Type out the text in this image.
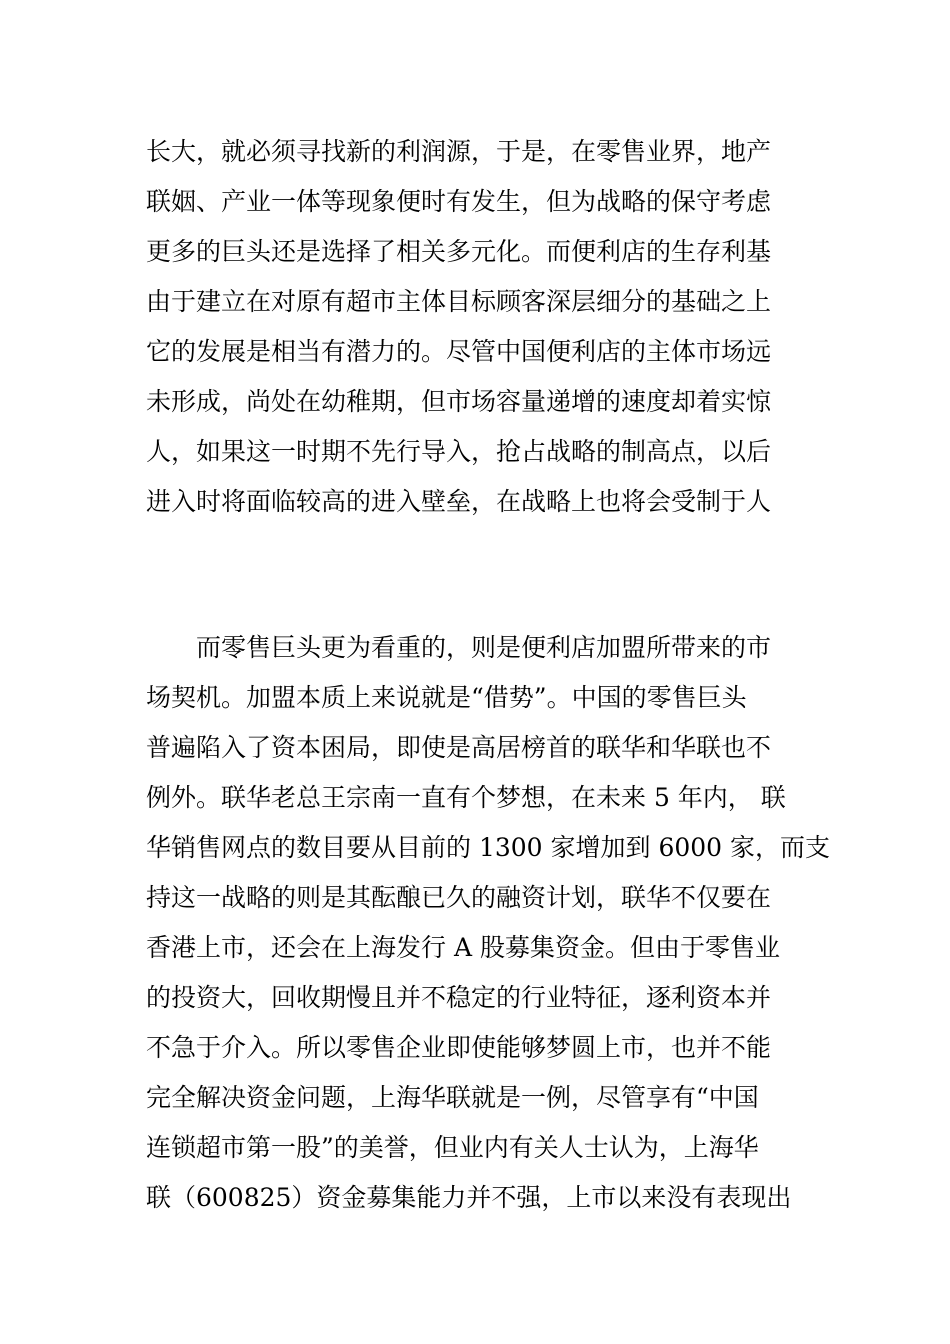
长大，就必须寻找新的利润源，于是，在零售业界，地产
联姻、产业一体等现象便时有发生，但为战略的保守考虑
更多的巨头还是选择了相关多元化。而便利店的生存利基
由于建立在对原有超市主体目标顾客深层细分的基础之上
它的发展是相当有潜力的。尽管中国便利店的主体市场远
未形成，尚处在幼稚期，但市场容量递增的速度却着实惊
人，如果这一时期不先行导入，抢占战略的制高点，以后
进入时将面临较高的进入壁垒，在战略上也将会受制于人
　　而零售巨头更为看重的，则是便利店加盟所带来的市
场契机。加盟本质上来说就是“借势”。中国的零售巨头
普遍陷入了资本困局，即使是高居榜首的联华和华联也不
例外。联华老总王宗南一直有个梦想，在未来 5 年内， 联
华销售网点的数目要从目前的 1300 家增加到 6000 家，而支
持这一战略的则是其酝酿已久的融资计划，联华不仅要在
香港上市，还会在上海发行 A 股募集资金。但由于零售业
的投资大，回收期慢且并不稳定的行业特征，逐利资本并
不急于介入。所以零售企业即使能够梦圆上市，也并不能
完全解决资金问题，上海华联就是一例，尽管享有“中国
连锁超市第一股”的美誉，但业内有关人士认为，上海华
联（600825）资金募集能力并不强，上市以来没有表现出
